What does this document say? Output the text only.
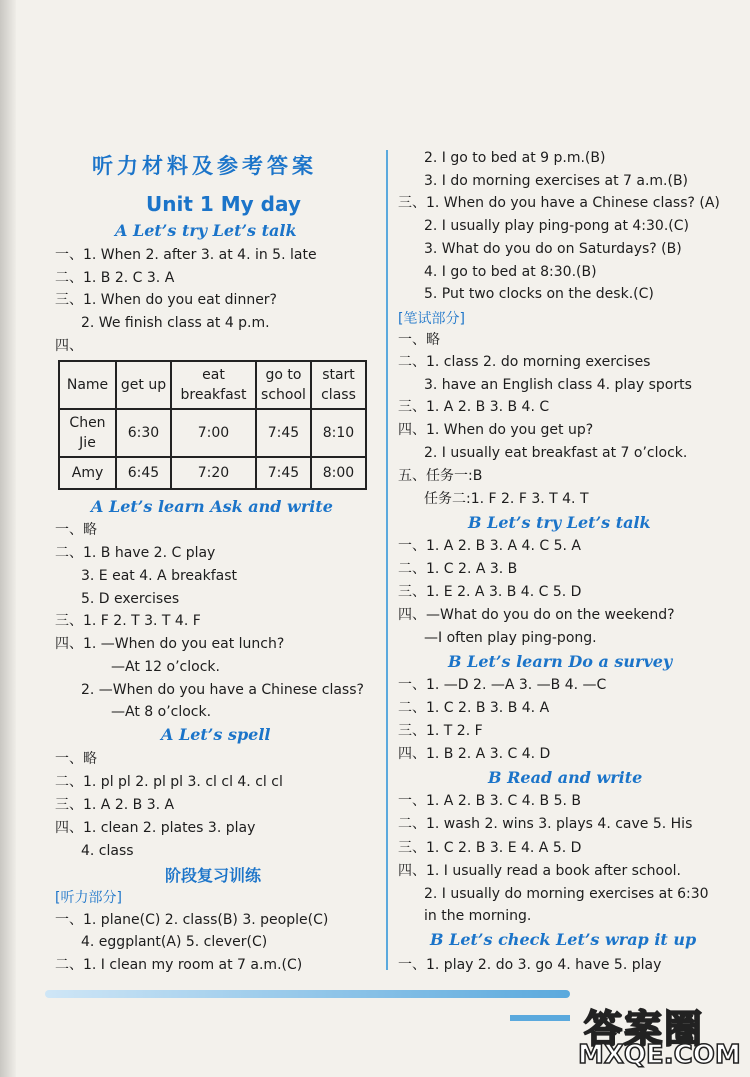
听力材料及参考答案
Unit 1 My day
A Let’s try Let’s talk
一、1. When 2. after 3. at 4. in 5. late
二、1. B 2. C 3. A
三、1. When do you eat dinner?
2. We finish class at 4 p.m.
四、
Name	get up	eat breakfast	go to school	start class
Chen Jie	6:30	7:00	7:45	8:10
Amy	6:45	7:20	7:45	8:00
A Let’s learn Ask and write
一、略
二、1. B have 2. C play
3. E eat 4. A breakfast
5. D exercises
三、1. F 2. T 3. T 4. F
四、1. —When do you eat lunch?
—At 12 o’clock.
2. —When do you have a Chinese class?
—At 8 o’clock.
A Let’s spell
一、略
二、1. pl pl 2. pl pl 3. cl cl 4. cl cl
三、1. A 2. B 3. A
四、1. clean 2. plates 3. play
4. class
阶段复习训练
[听力部分]
一、1. plane(C) 2. class(B) 3. people(C)
4. eggplant(A) 5. clever(C)
二、1. I clean my room at 7 a.m.(C)
2. I go to bed at 9 p.m.(B)
3. I do morning exercises at 7 a.m.(B)
三、1. When do you have a Chinese class? (A)
2. I usually play ping-pong at 4:30.(C)
3. What do you do on Saturdays? (B)
4. I go to bed at 8:30.(B)
5. Put two clocks on the desk.(C)
[笔试部分]
一、略
二、1. class 2. do morning exercises
3. have an English class 4. play sports
三、1. A 2. B 3. B 4. C
四、1. When do you get up?
2. I usually eat breakfast at 7 o’clock.
五、任务一:B
任务二:1. F 2. F 3. T 4. T
B Let’s try Let’s talk
一、1. A 2. B 3. A 4. C 5. A
二、1. C 2. A 3. B
三、1. E 2. A 3. B 4. C 5. D
四、—What do you do on the weekend?
—I often play ping-pong.
B Let’s learn Do a survey
一、1. —D 2. —A 3. —B 4. —C
二、1. C 2. B 3. B 4. A
三、1. T 2. F
四、1. B 2. A 3. C 4. D
B Read and write
一、1. A 2. B 3. C 4. B 5. B
二、1. wash 2. wins 3. plays 4. cave 5. His
三、1. C 2. B 3. E 4. A 5. D
四、1. I usually read a book after school.
2. I usually do morning exercises at 6:30
in the morning.
B Let’s check Let’s wrap it up
一、1. play 2. do 3. go 4. have 5. play
答案圈
MXQE.COM
